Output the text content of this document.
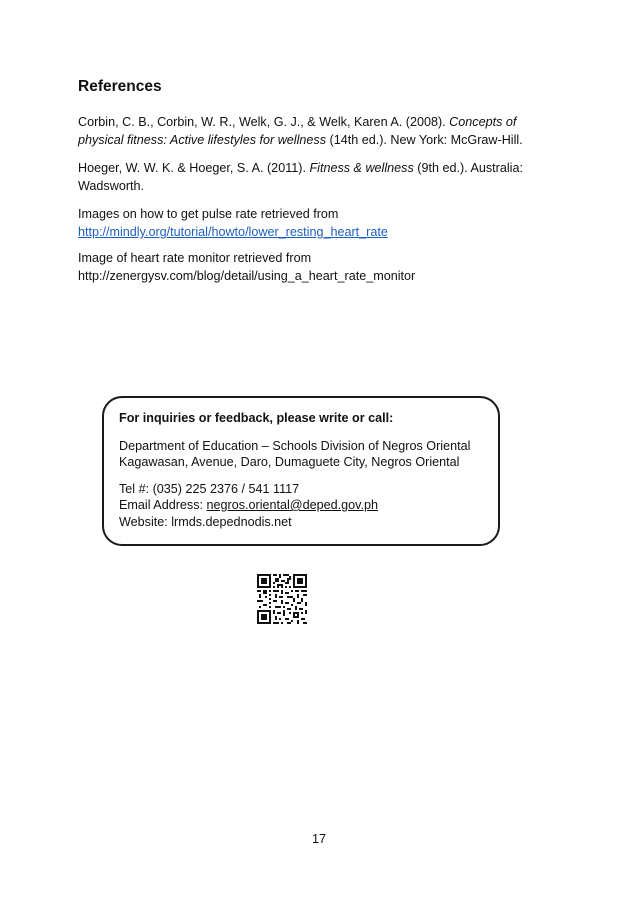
References

Corbin, C. B., Corbin, W. R., Welk, G. J., & Welk, Karen A. (2008). Concepts of physical fitness: Active lifestyles for wellness (14th ed.). New York: McGraw-Hill.

Hoeger, W. W. K. & Hoeger, S. A. (2011). Fitness & wellness (9th ed.). Australia: Wadsworth.

Images on how to get pulse rate retrieved from
http://mindly.org/tutorial/howto/lower_resting_heart_rate

Image of heart rate monitor retrieved from
http://zenergysv.com/blog/detail/using_a_heart_rate_monitor

For inquiries or feedback, please write or call:

Department of Education – Schools Division of Negros Oriental
Kagawasan, Avenue, Daro, Dumaguete City, Negros Oriental

Tel #: (035) 225 2376 / 541 1117
Email Address: negros.oriental@deped.gov.ph
Website: lrmds.depednodis.net

17
